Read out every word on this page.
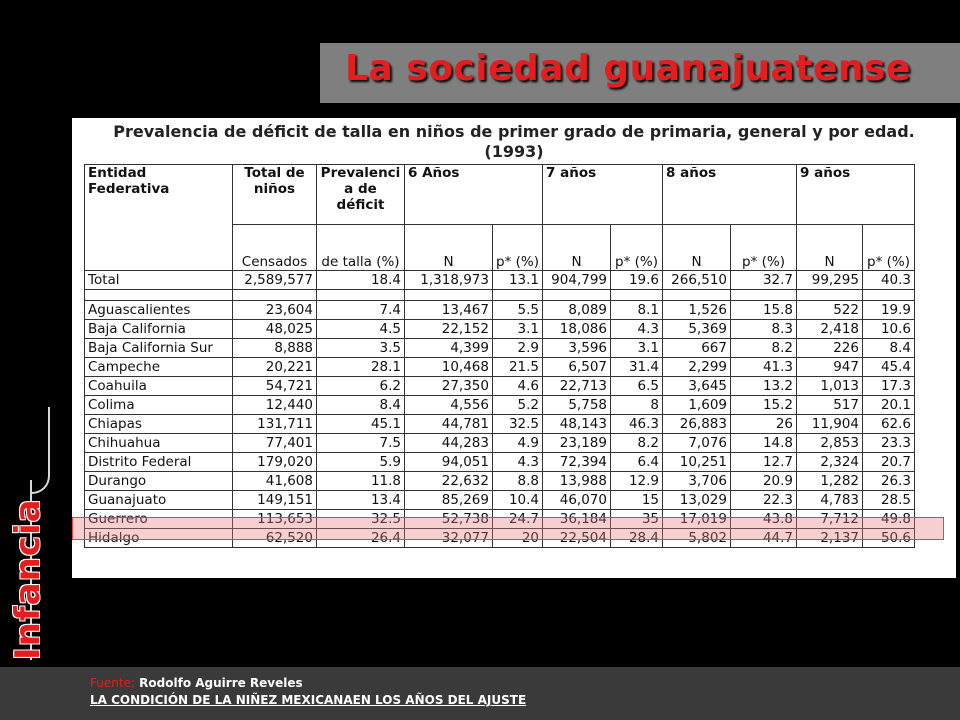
La sociedad guanajuatense
Infancia
Prevalencia de déficit de talla en niños de primer grado de primaria, general y por edad.
(1993)
Entidad Federativa	Total de niños	Prevalenci a de déficit	6 Años		7 años		8 años		9 años	
	Censados	de talla (%)	N	p* (%)	N	p* (%)	N	p* (%)	N	p* (%)
Total	2,589,577	18.4	1,318,973	13.1	904,799	19.6	266,510	32.7	99,295	40.3

Aguascalientes	23,604	7.4	13,467	5.5	8,089	8.1	1,526	15.8	522	19.9
Baja California	48,025	4.5	22,152	3.1	18,086	4.3	5,369	8.3	2,418	10.6
Baja California Sur	8,888	3.5	4,399	2.9	3,596	3.1	667	8.2	226	8.4
Campeche	20,221	28.1	10,468	21.5	6,507	31.4	2,299	41.3	947	45.4
Coahuila	54,721	6.2	27,350	4.6	22,713	6.5	3,645	13.2	1,013	17.3
Colima	12,440	8.4	4,556	5.2	5,758	8	1,609	15.2	517	20.1
Chiapas	131,711	45.1	44,781	32.5	48,143	46.3	26,883	26	11,904	62.6
Chihuahua	77,401	7.5	44,283	4.9	23,189	8.2	7,076	14.8	2,853	23.3
Distrito Federal	179,020	5.9	94,051	4.3	72,394	6.4	10,251	12.7	2,324	20.7
Durango	41,608	11.8	22,632	8.8	13,988	12.9	3,706	20.9	1,282	26.3
Guanajuato	149,151	13.4	85,269	10.4	46,070	15	13,029	22.3	4,783	28.5
Guerrero	113,653	32.5	52,738	24.7	36,184	35	17,019	43.8	7,712	49.8
Hidalgo	62,520	26.4	32,077	20	22,504	28.4	5,802	44.7	2,137	50.6
Fuente: Rodolfo Aguirre Reveles
LA CONDICIÓN DE LA NIÑEZ MEXICANAEN LOS AÑOS DEL AJUSTE
